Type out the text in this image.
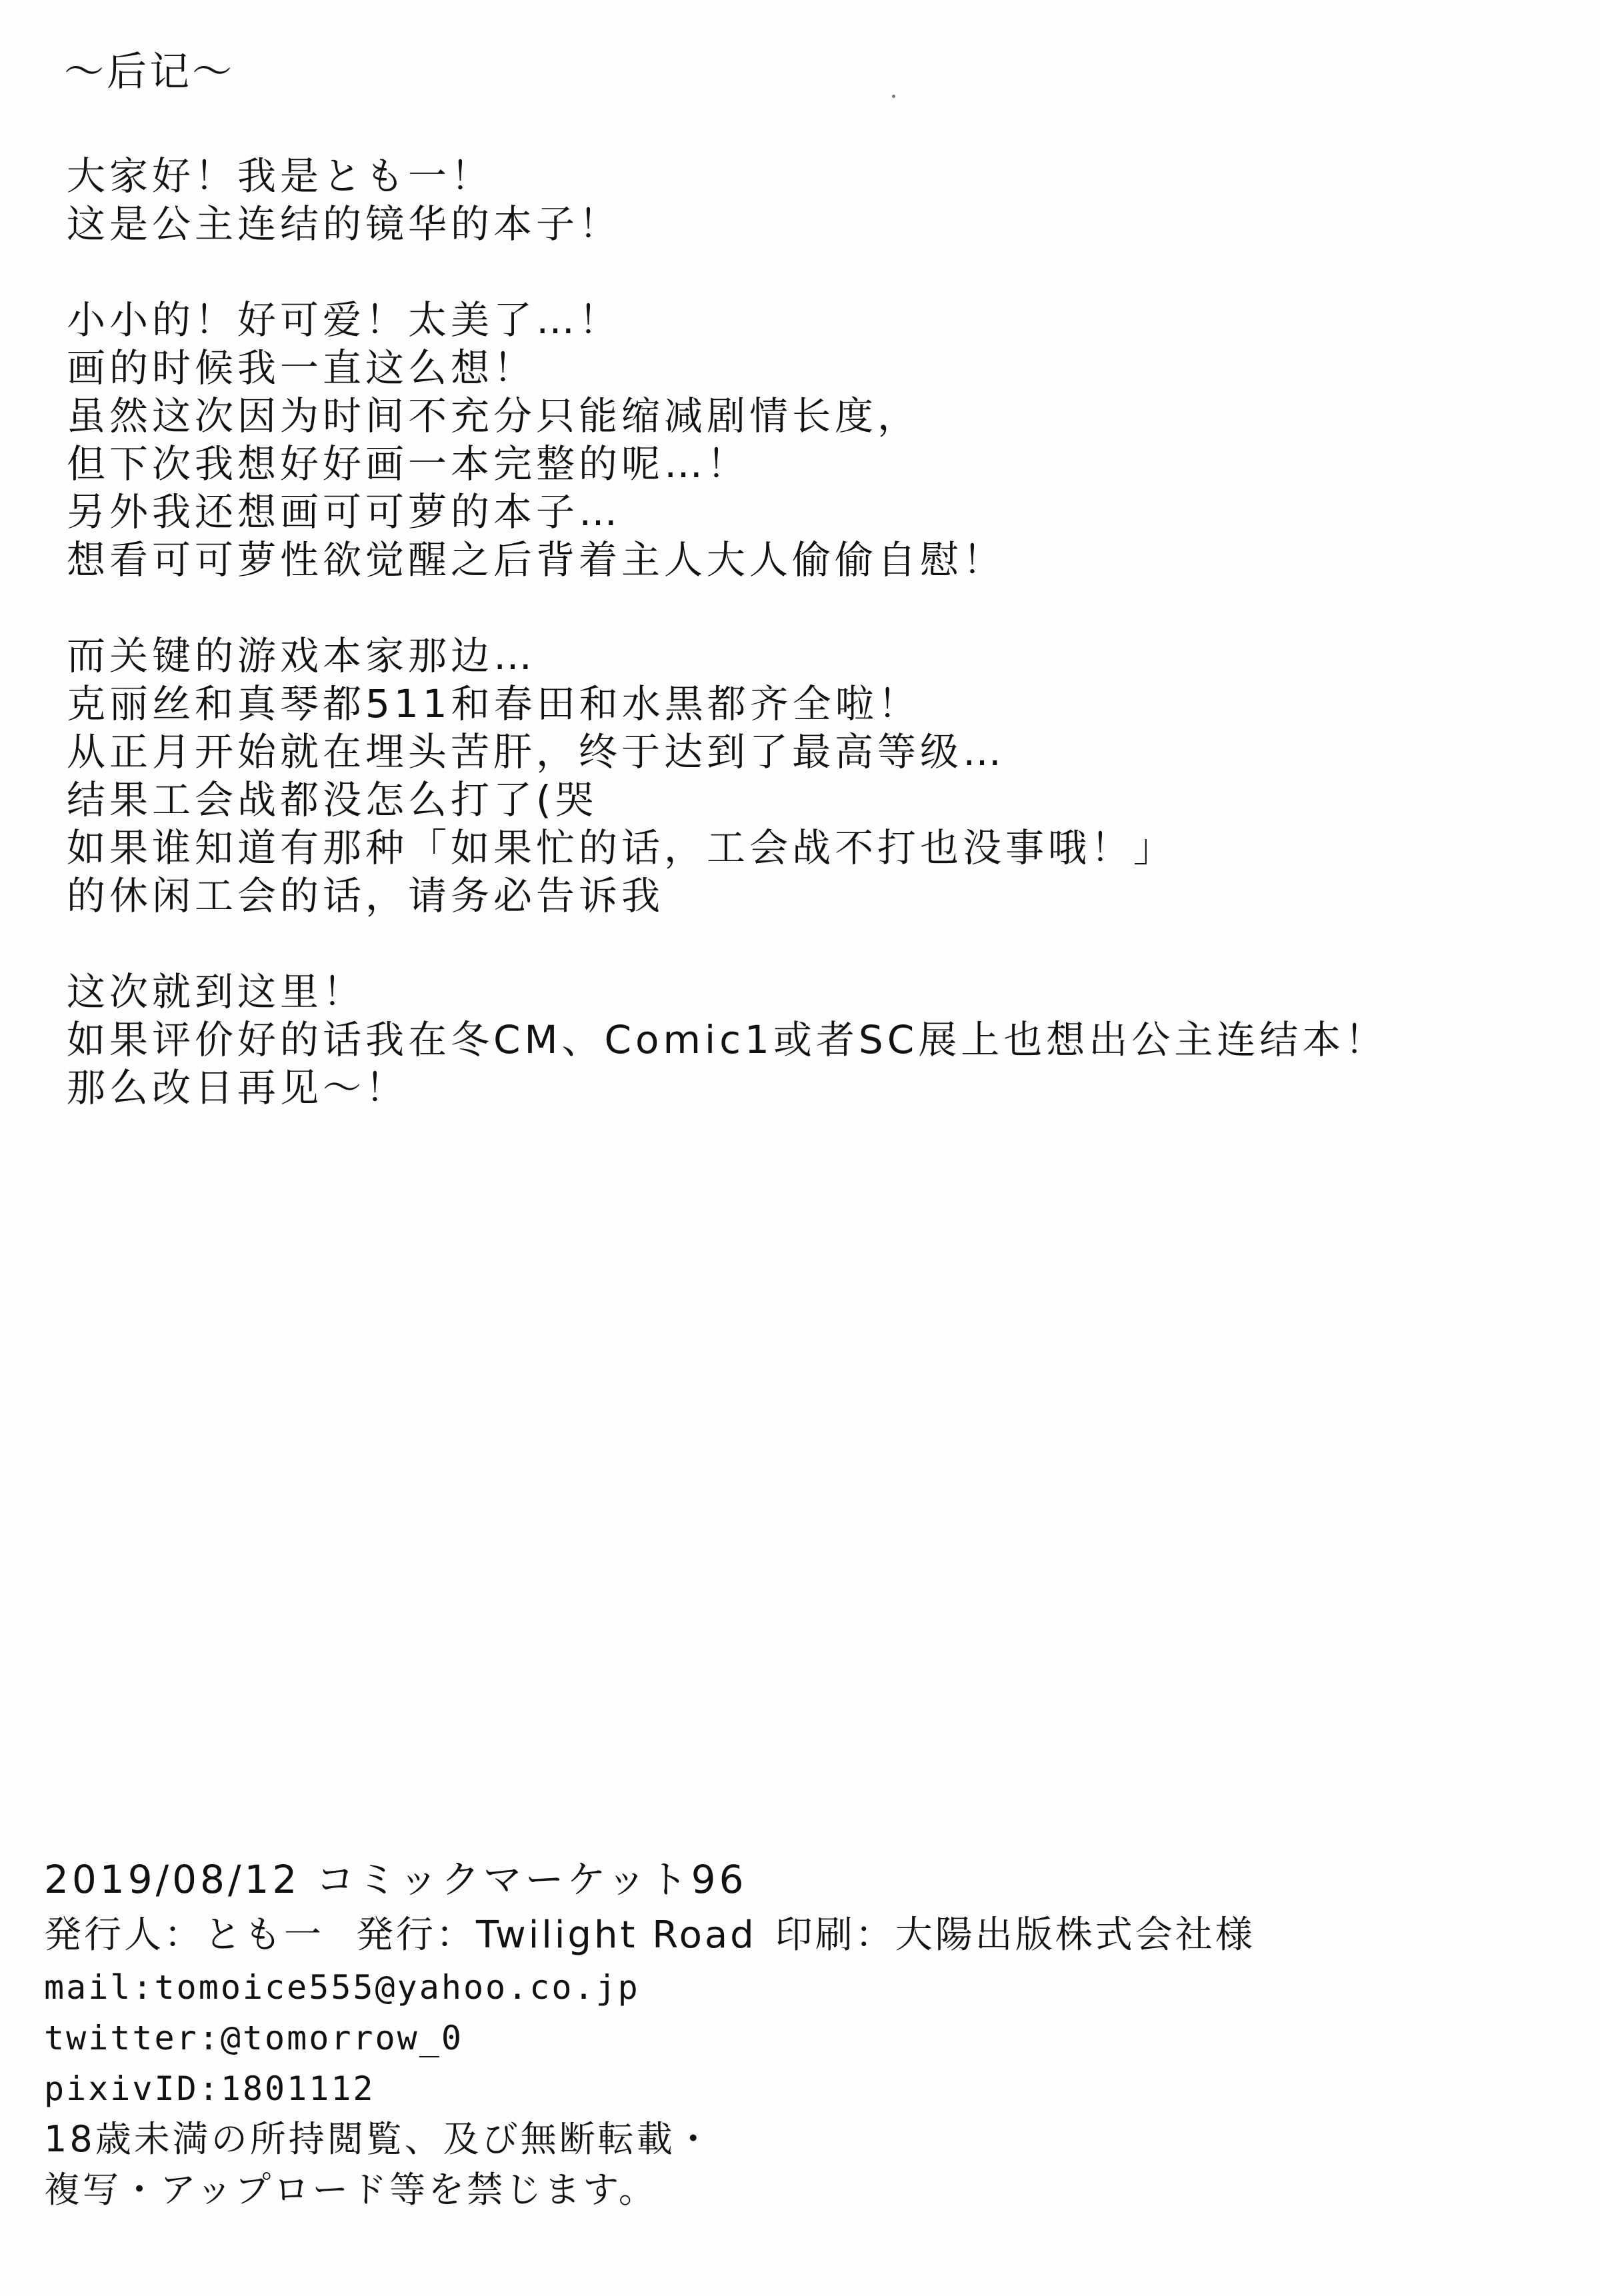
〜后记〜
大家好！我是とも一！
这是公主连结的镜华的本子！
小小的！好可爱！太美了…！
画的时候我一直这么想！
虽然这次因为时间不充分只能缩减剧情长度，
但下次我想好好画一本完整的呢…！
另外我还想画可可萝的本子…
想看可可萝性欲觉醒之后背着主人大人偷偷自慰！
而关键的游戏本家那边…
克丽丝和真琴都511和春田和水黒都齐全啦！
从正月开始就在埋头苦肝，终于达到了最高等级…
结果工会战都没怎么打了(哭
如果谁知道有那种「如果忙的话，工会战不打也没事哦！」
的休闲工会的话，请务必告诉我
这次就到这里！
如果评价好的话我在冬CM、Comic1或者SC展上也想出公主连结本！
那么改日再见～！
2019/08/12 コミックマーケット96
発行人：とも一 発行：Twilight Road 印刷：大陽出版株式会社様
mail:tomoice555@yahoo.co.jp
twitter:@tomorrow_0
pixivID:1801112
18歳未満の所持閲覧、及び無断転載・
複写・アップロード等を禁じます。
